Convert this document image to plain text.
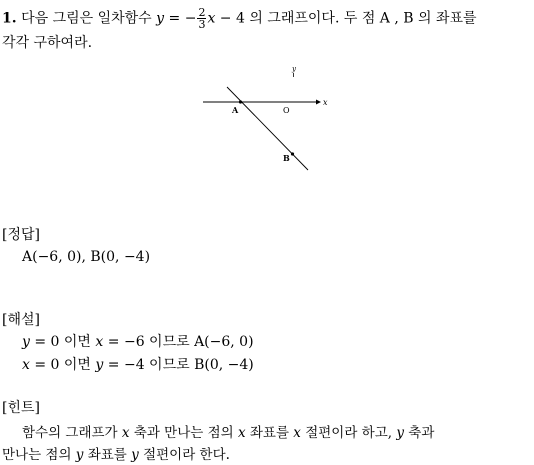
1. 다음 그림은 일차함수 y = − $\frac{2}{3}$ x − 4 의 그래프이다. 두 점 A , B 의 좌표를
각각 구하여라.
y
x
O
A
B
[정답]
A(−6, 0), B(0, −4)
[해설]
y = 0 이면 x = −6 이므로 A(−6, 0)
x = 0 이면 y = −4 이므로 B(0, −4)
[힌트]
함수의 그래프가 x 축과 만나는 점의 x 좌표를 x 절편이라 하고, y 축과
만나는 점의 y 좌표를 y 절편이라 한다.
